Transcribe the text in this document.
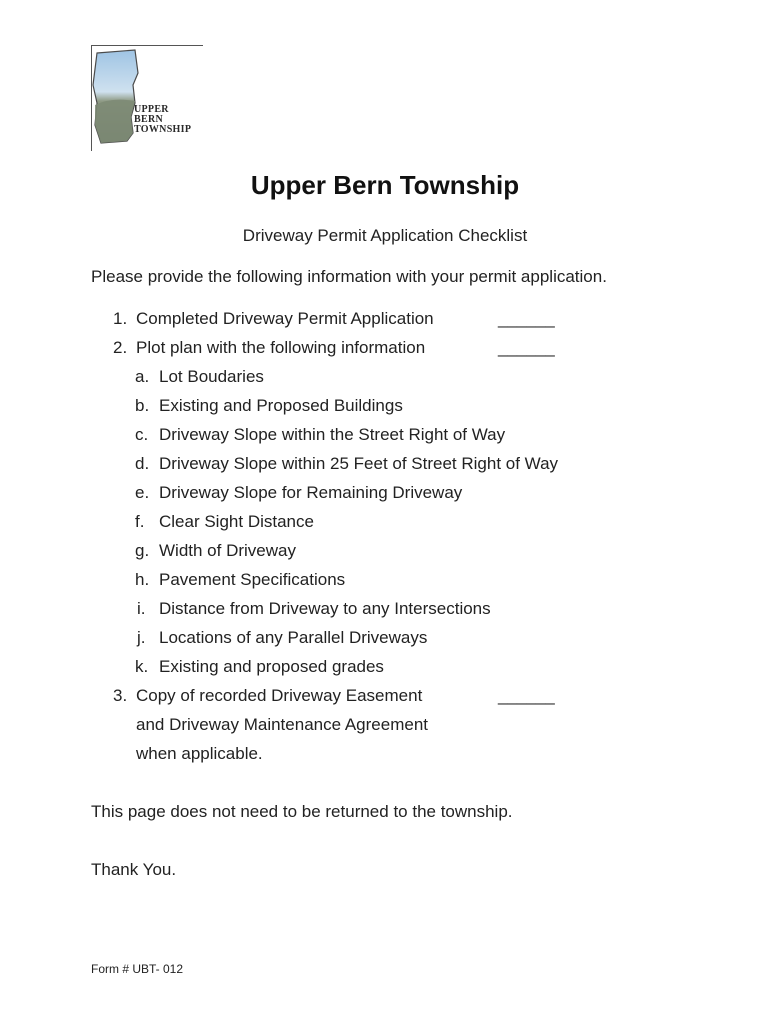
UPPER
BERN
TOWNSHIP
Upper Bern Township
Driveway Permit Application Checklist
Please provide the following information with your permit application.
1. Completed Driveway Permit Application	______
2. Plot plan with the following information	______
a. Lot Boudaries
b. Existing and Proposed Buildings
c. Driveway Slope within the Street Right of Way
d. Driveway Slope within 25 Feet of Street Right of Way
e. Driveway Slope for Remaining Driveway
f. Clear Sight Distance
g. Width of Driveway
h. Pavement Specifications
i. Distance from Driveway to any Intersections
j. Locations of any Parallel Driveways
k. Existing and proposed grades
3. Copy of recorded Driveway Easement	______
and Driveway Maintenance Agreement
when applicable.
This page does not need to be returned to the township.
Thank You.
Form # UBT- 012
